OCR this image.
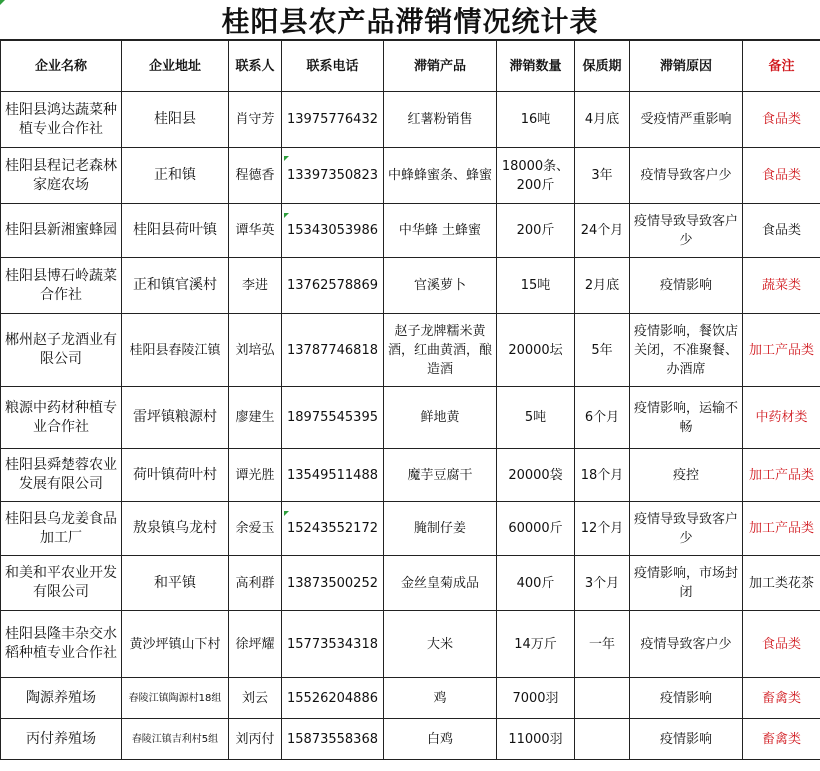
桂阳县农产品滞销情况统计表
企业名称	企业地址	联系人	联系电话	滞销产品	滞销数量	保质期	滞销原因	备注
桂阳县鸿达蔬菜种植专业合作社	桂阳县	肖守芳	13975776432	红薯粉销售	16吨	4月底	受疫情严重影响	食品类
桂阳县程记老森林家庭农场	正和镇	程德香	13397350823	中蜂蜂蜜条、蜂蜜	18000条、200斤	3年	疫情导致客户少	食品类
桂阳县新湘蜜蜂园	桂阳县荷叶镇	谭华英	15343053986	中华蜂 土蜂蜜	200斤	24个月	疫情导致导致客户少	食品类
桂阳县博石岭蔬菜合作社	正和镇官溪村	李进	13762578869	官溪萝卜	15吨	2月底	疫情影响	蔬菜类
郴州赵子龙酒业有限公司	桂阳县舂陵江镇	刘培弘	13787746818	赵子龙牌糯米黄酒，红曲黄酒，酿造酒	20000坛	5年	疫情影响，餐饮店关闭，不准聚餐、办酒席	加工产品类
粮源中药材种植专业合作社	雷坪镇粮源村	廖建生	18975545395	鲜地黄	5吨	6个月	疫情影响，运输不畅	中药材类
桂阳县舜楚蓉农业发展有限公司	荷叶镇荷叶村	谭光胜	13549511488	魔芋豆腐干	20000袋	18个月	疫控	加工产品类
桂阳县乌龙姜食品加工厂	敖泉镇乌龙村	余爱玉	15243552172	腌制仔姜	60000斤	12个月	疫情导致导致客户少	加工产品类
和美和平农业开发有限公司	和平镇	高利群	13873500252	金丝皇菊成品	400斤	3个月	疫情影响，市场封闭	加工类花茶
桂阳县隆丰杂交水稻种植专业合作社	黄沙坪镇山下村	徐坪耀	15773534318	大米	14万斤	一年	疫情导致客户少	食品类
陶源养殖场	舂陵江镇陶源村18组	刘云	15526204886	鸡	7000羽		疫情影响	畜禽类
丙付养殖场	舂陵江镇吉利村5组	刘丙付	15873558368	白鸡	11000羽		疫情影响	畜禽类
